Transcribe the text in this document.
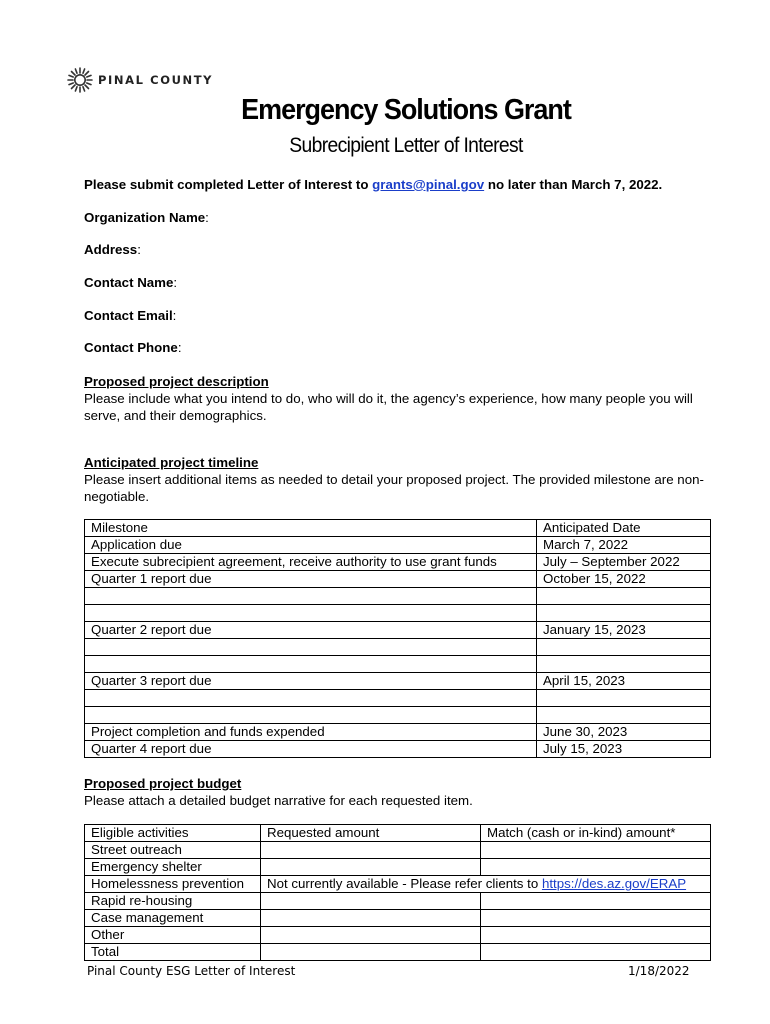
PINAL COUNTY
Emergency Solutions Grant
Subrecipient Letter of Interest
Please submit completed Letter of Interest to grants@pinal.gov no later than March 7, 2022.
Organization Name:
Address:
Contact Name:
Contact Email:
Contact Phone:
Proposed project description
Please include what you intend to do, who will do it, the agency’s experience, how many people you will serve, and their demographics.
Anticipated project timeline
Please insert additional items as needed to detail your proposed project. The provided milestone are non-negotiable.
Milestone	Anticipated Date
Application due	March 7, 2022
Execute subrecipient agreement, receive authority to use grant funds	July – September 2022
Quarter 1 report due	October 15, 2022

Quarter 2 report due	January 15, 2023

Quarter 3 report due	April 15, 2023

Project completion and funds expended	June 30, 2023
Quarter 4 report due	July 15, 2023
Proposed project budget
Please attach a detailed budget narrative for each requested item.
Eligible activities	Requested amount	Match (cash or in-kind) amount*
Street outreach		
Emergency shelter		
Homelessness prevention	Not currently available - Please refer clients to https://des.az.gov/ERAP	
Rapid re-housing		
Case management		
Other		
Total		
Pinal County ESG Letter of Interest	1/18/2022
